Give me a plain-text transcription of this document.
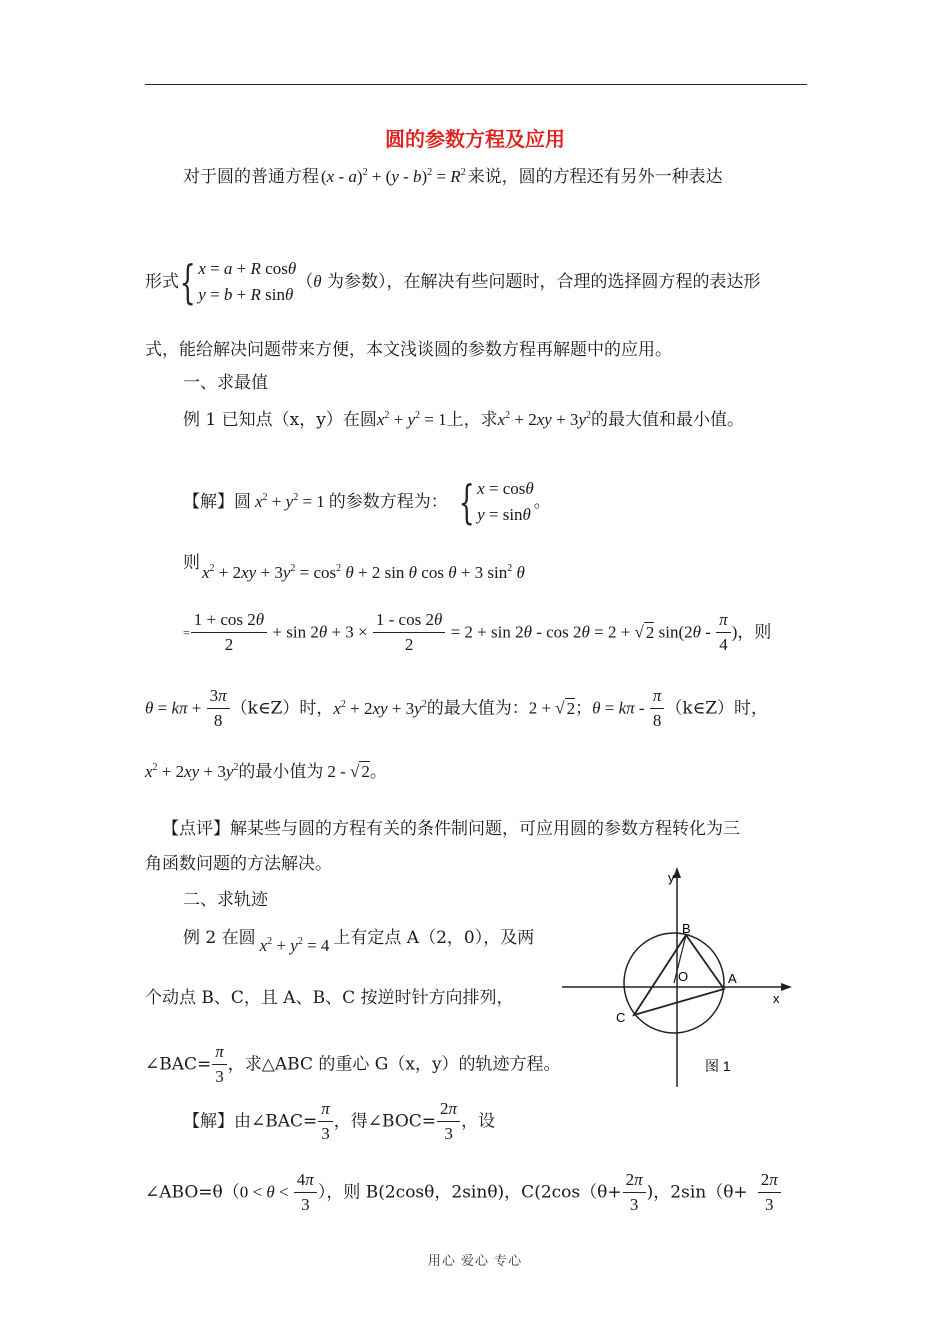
圆的参数方程及应用
对于圆的普通方程 $(x - a)^2 + (y - b)^2 = R^2$ 来说，圆的方程还有另外一种表达
形式{ x = a + R cosθ
y = b + R sinθ
（θ 为参数），在解决有些问题时，合理的选择圆方程的表达形
式，能给解决问题带来方便，本文浅谈圆的参数方程再解题中的应用。
一、求最值
例 1 已知点（x，y）在圆$x^2 + y^2 = 1$上，求$x^2 + 2xy + 3y^2$的最大值和最小值。
【解】圆 $x^2 + y^2 = 1$ 的参数方程为： { x = cosθ
y = sinθ
。
则 $x^2 + 2xy + 3y^2 = \cos^2 \theta + 2$ sin θ cos θ + 3 $\sin^2 \theta$
= $\frac{1 + \cos 2\theta}{2} + \sin 2\theta + 3 \times \frac{1 - \cos 2\theta}{2} = 2 + \sin 2\theta - \cos 2\theta = 2$ + √ 2 $\sin(2\theta - \frac{\pi}{4}$ )，则
$\theta = k\pi + \frac{3\pi}{8}$ （k∈Z）时，$x^2 + 2xy + 3y^2$的最大值为：2 + √ 2；$\theta = k\pi - \frac{\pi}{8}$ （k∈Z）时，
$x^2 + 2xy + 3y^2$的最小值为 2 - √ 2。
【点评】解某些与圆的方程有关的条件制问题，可应用圆的参数方程转化为三
角函数问题的方法解决。
二、求轨迹
例 2 在圆 $x^2 + y^2 = 4$ 上有定点 A（2，0），及两
个动点 B、C，且 A、B、C 按逆时针方向排列，
∠BAC= $\frac{\pi}{3}$ ，求△ABC 的重心 G（x，y）的轨迹方程。
【解】由∠BAC= $\frac{\pi}{3}$ ，得∠BOC= $\frac{2\pi}{3}$ ，设
∠ABO=θ（0 < $\theta < \frac{4\pi}{3}$ ），则 B(2cosθ，2sinθ)，$C(2\cos(\theta+ \frac{2\pi}{3}$ )，$2\sin(\theta+ \frac{2\pi}{3}$
y
x
O	A
B
C
图 1
用心 爱心 专心
